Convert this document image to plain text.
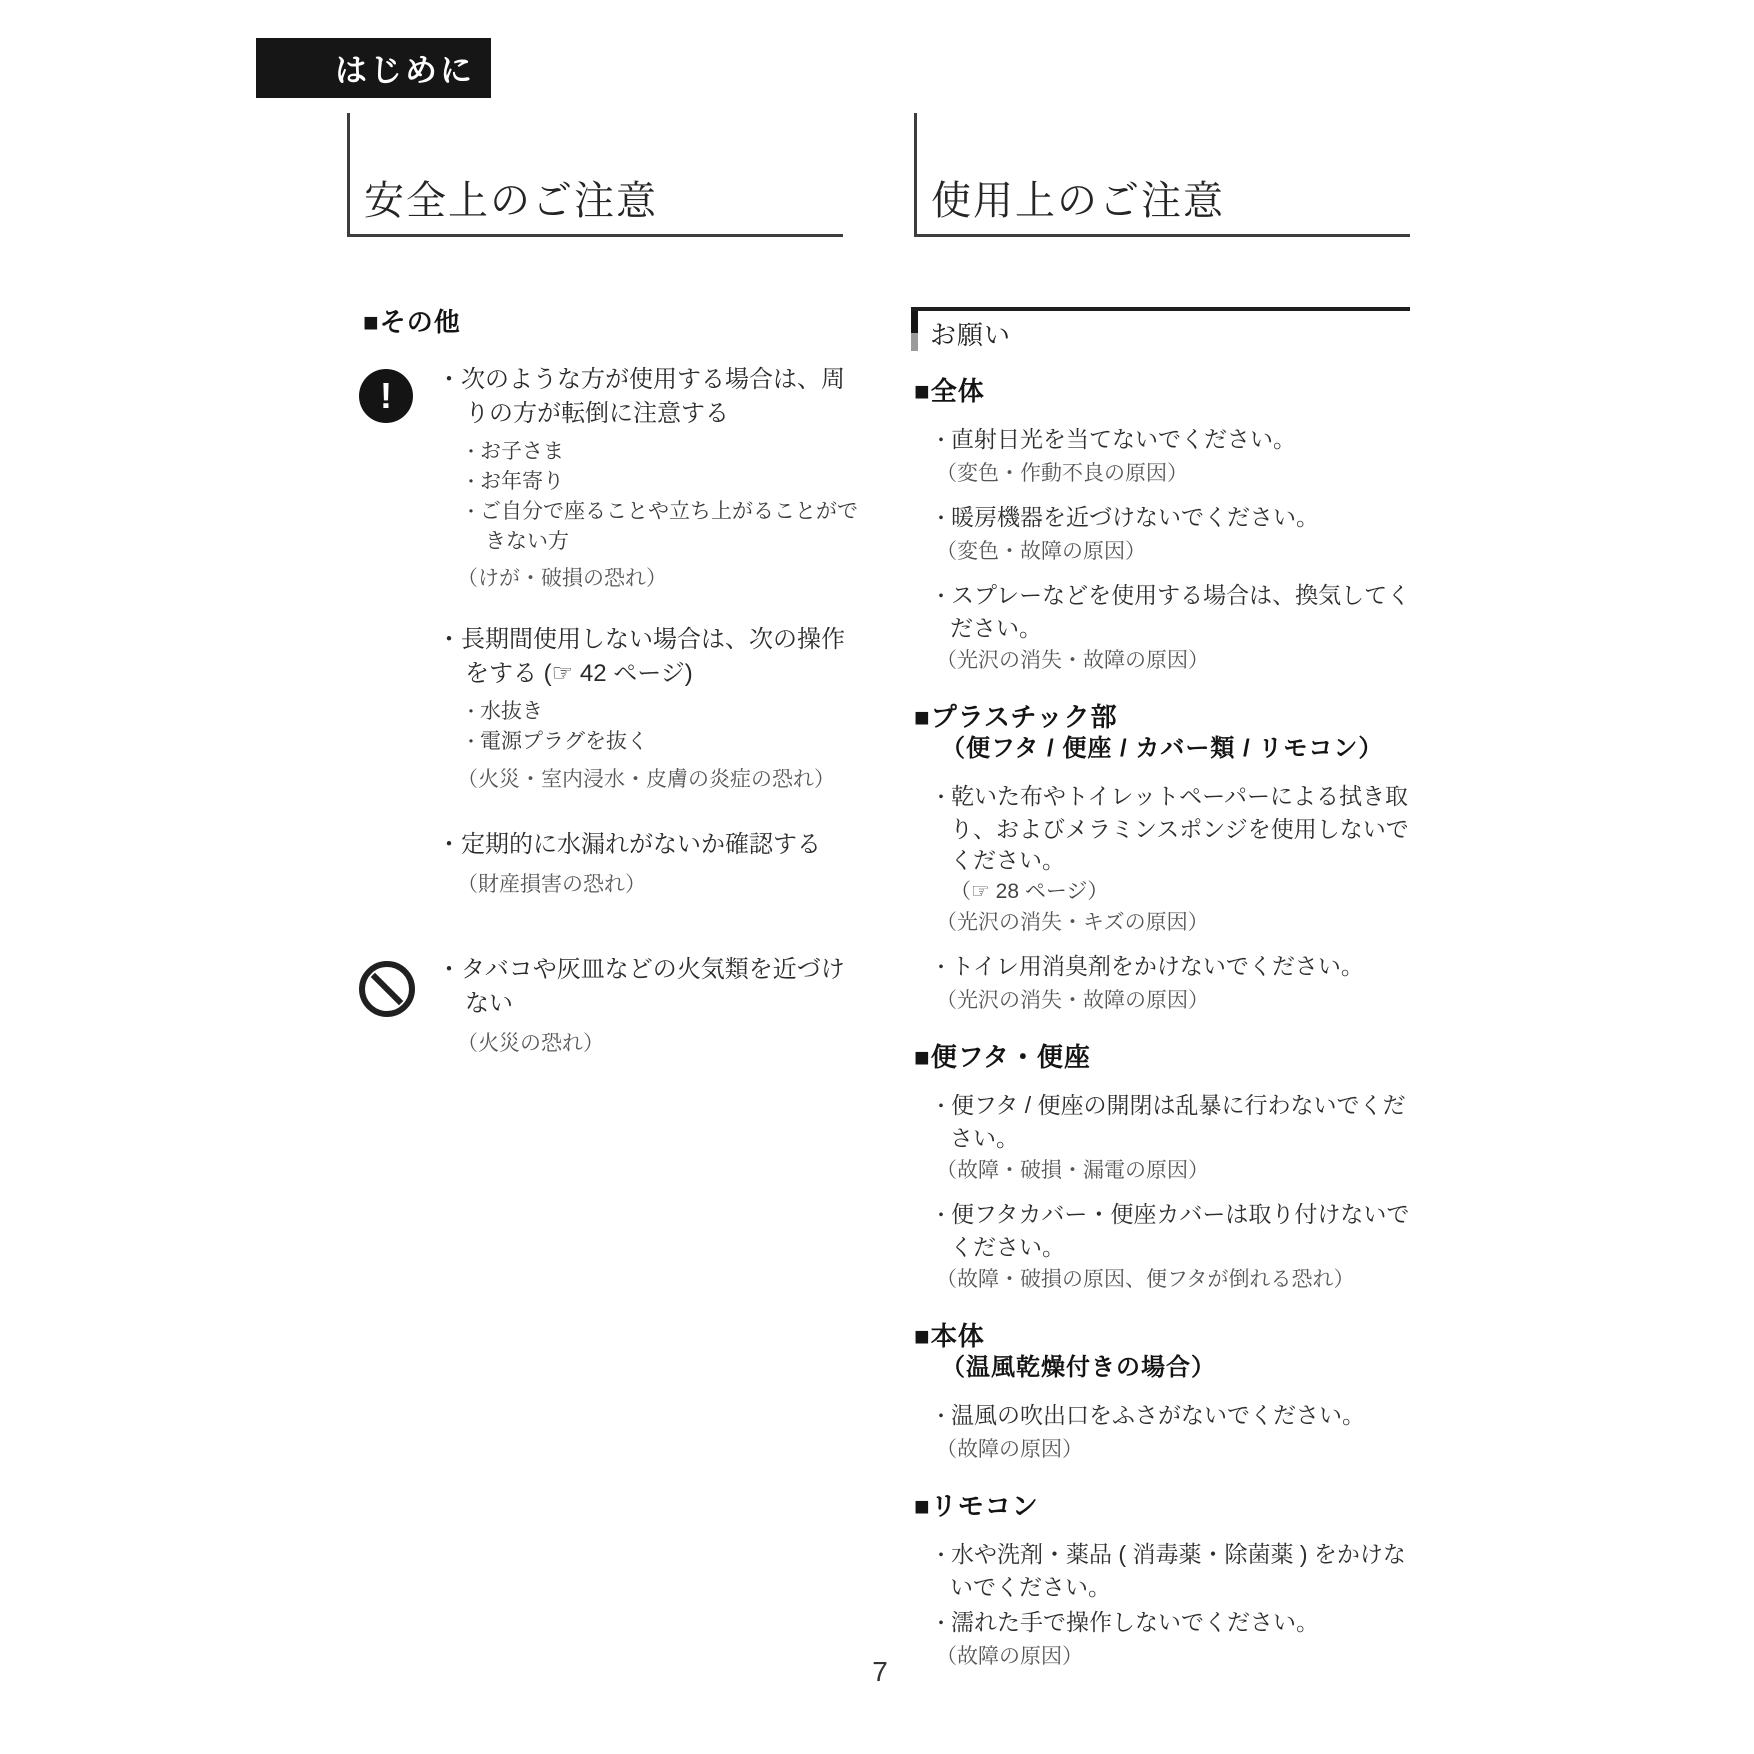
はじめに
安全上のご注意	使用上のご注意
お願い
■その他
!	・ 次のような方が使用する場合は、周りの方が転倒に注意する
・ お子さま
・ お年寄り
・ ご自分で座ることや立ち上がることができない方
（けが・破損の恐れ）
・ 長期間使用しない場合は、次の操作をする (☞ 42 ページ)
・ 水抜き
・ 電源プラグを抜く
（火災・室内浸水・皮膚の炎症の恐れ）
・ 定期的に水漏れがないか確認する
（財産損害の恐れ）
・ タバコや灰皿などの火気類を近づけない
（火災の恐れ）
■全体
・ 直射日光を当てないでください。
（変色・作動不良の原因）
・ 暖房機器を近づけないでください。
（変色・故障の原因）
・ スプレーなどを使用する場合は、換気してください。
（光沢の消失・故障の原因）
■プラスチック部
（便フタ / 便座 / カバー類 / リモコン）
・ 乾いた布やトイレットペーパーによる拭き取り、およびメラミンスポンジを使用しないでください。
（☞ 28 ページ）
（光沢の消失・キズの原因）
・ トイレ用消臭剤をかけないでください。
（光沢の消失・故障の原因）
■便フタ・便座
・ 便フタ / 便座の開閉は乱暴に行わないでください。
（故障・破損・漏電の原因）
・ 便フタカバー・便座カバーは取り付けないでください。
（故障・破損の原因、便フタが倒れる恐れ）
■本体
（温風乾燥付きの場合）
・ 温風の吹出口をふさがないでください。
（故障の原因）
■リモコン
・ 水や洗剤・薬品 ( 消毒薬・除菌薬 ) をかけないでください。
・ 濡れた手で操作しないでください。
（故障の原因）
7
